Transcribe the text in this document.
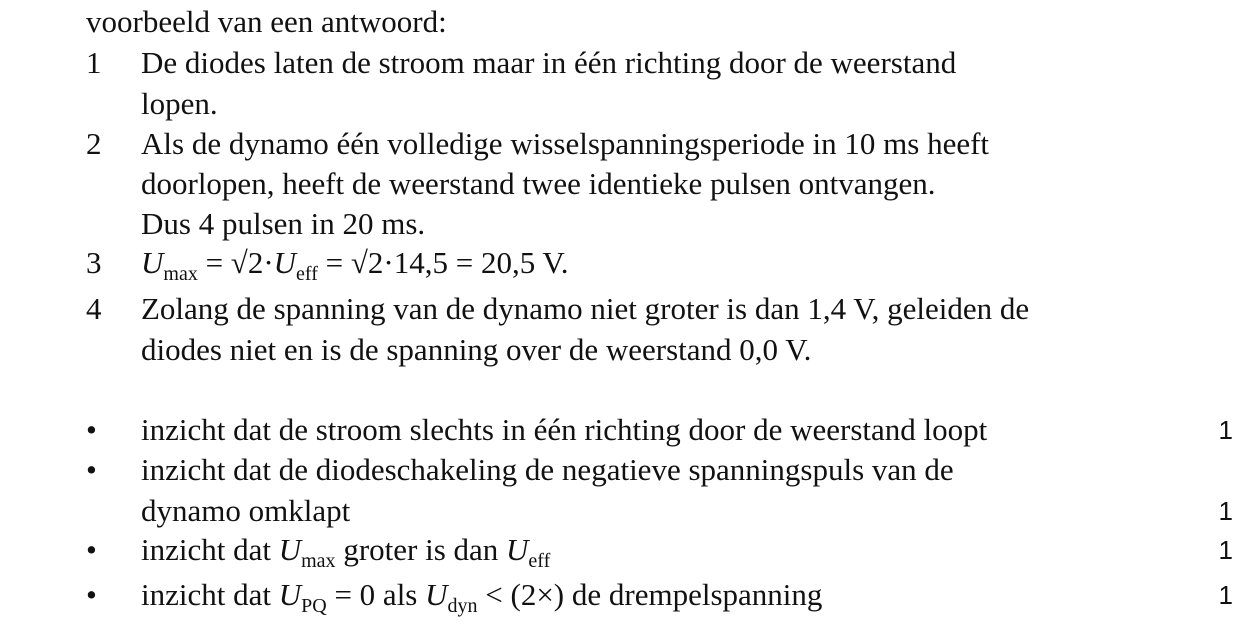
voorbeeld van een antwoord:
1 De diodes laten de stroom maar in één richting door de weerstand
lopen.
2 Als de dynamo één volledige wisselspanningsperiode in 10 ms heeft
doorlopen, heeft de weerstand twee identieke pulsen ontvangen.
Dus 4 pulsen in 20 ms.
3 $U_{max} = √2\cdot U_{eff} = √2\cdot 14,5 = 20,5$ V.
4 Zolang de spanning van de dynamo niet groter is dan 1,4 V, geleiden de
diodes niet en is de spanning over de weerstand 0,0 V.
• inzicht dat de stroom slechts in één richting door de weerstand loopt	1
• inzicht dat de diodeschakeling de negatieve spanningspuls van de
dynamo omklapt	1
• inzicht dat $U_{max}$ groter is dan $U_{eff}$	1
• inzicht dat $U_{PQ} = 0$ als $U_{dyn} < (2\times)$ de drempelspanning	1
